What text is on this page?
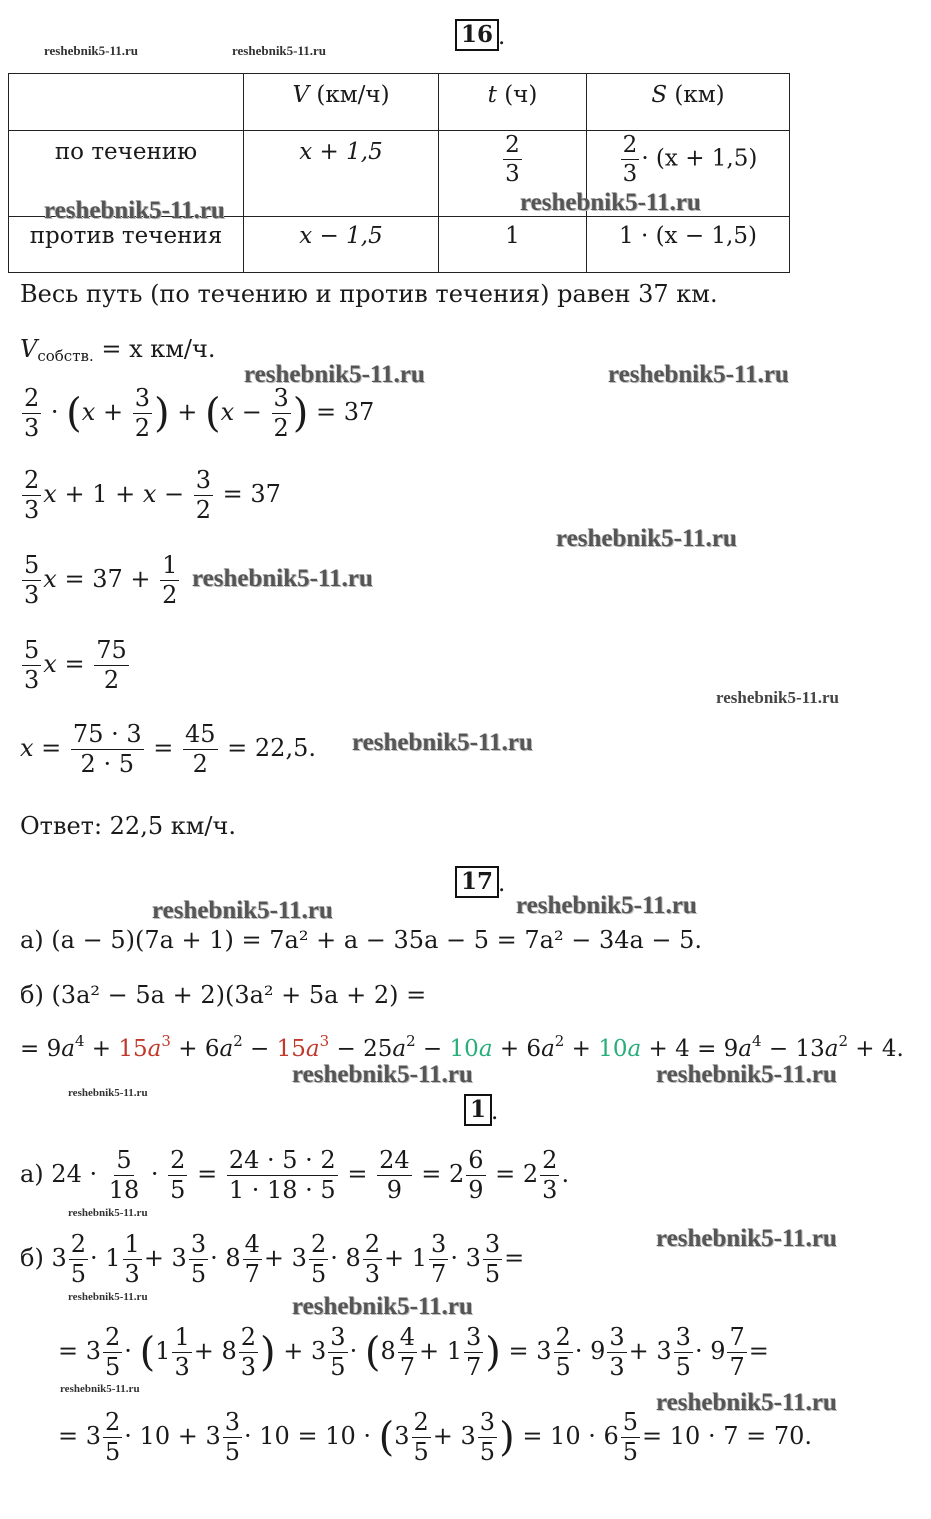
16 .
reshebnik5-11.ru	reshebnik5-11.ru
	V (км/ч)	t (ч)	S (км)
по течению	x + 1,5	$\frac{2}{3}$	$\frac{2}{3} \cdot (x + 1,5)$
против течения	x − 1,5	1	1 · (x − 1,5)
reshebnik5-11.ru	reshebnik5-11.ru
Весь путь (по течению и против течения) равен 37 км.
$V_{собств.} = x$ км/ч.
reshebnik5-11.ru	reshebnik5-11.ru
$\frac{2}{3} \cdot (x + \frac{3}{2}$ ) + ($x - \frac{3}{2}$ ) = 37
$\frac{2}{3}$ $x + 1 + x - \frac{3}{2} = 37$
reshebnik5-11.ru
$\frac{5}{3}$ $x = 37 + \frac{1}{2}$ reshebnik5-11.ru
$\frac{5}{3}$ $x = \frac{75}{2}$
reshebnik5-11.ru
$x = \frac{75 \cdot 3}{2 \cdot 5} = \frac{45}{2} = 22,5$. reshebnik5-11.ru
Ответ: 22,5 км/ч.
17 .
reshebnik5-11.ru	reshebnik5-11.ru
а) (a − 5)(7a + 1) = 7a² + a − 35a − 5 = 7a² − 34a − 5.
б) (3a² − 5a + 2)(3a² + 5a + 2) =
= $9a^4 + 15a^3 + 6a^2 - 15a^3 - 25a^2 - 10a + 6a^2 + 10a + 4 = 9a^4 - 13a^2 + 4$.
reshebnik5-11.ru	reshebnik5-11.ru
reshebnik5-11.ru
1 .
а) $24 \cdot \frac{5}{18} \cdot \frac{2}{5} = \frac{24 \cdot 5 \cdot 2}{1 \cdot 18 \cdot 5} = \frac{24}{9} = 2 \frac{6}{9} = 2 \frac{2}{3}$ .
reshebnik5-11.ru
reshebnik5-11.ru
б) $3 \frac{2}{5} \cdot 1 \frac{1}{3} + 3 \frac{3}{5} \cdot 8 \frac{4}{7} + 3 \frac{2}{5} \cdot 8 \frac{2}{3} + 1 \frac{3}{7} \cdot 3 \frac{3}{5}$ =
reshebnik5-11.ru	reshebnik5-11.ru
= $3 \frac{2}{5} \cdot (1 \frac{1}{3} + 8 \frac{2}{3}$ ) + $3 \frac{3}{5} \cdot (8 \frac{4}{7} + 1 \frac{3}{7}$ ) = $3 \frac{2}{5} \cdot 9 \frac{3}{3} + 3 \frac{3}{5} \cdot 9 \frac{7}{7}$ =
reshebnik5-11.ru	reshebnik5-11.ru
= $3 \frac{2}{5} \cdot 10 + 3 \frac{3}{5} \cdot 10 = 10 \cdot (3 \frac{2}{5} + 3 \frac{3}{5}$ ) = $10 \cdot 6 \frac{5}{5} = 10 \cdot 7 = 70$.
